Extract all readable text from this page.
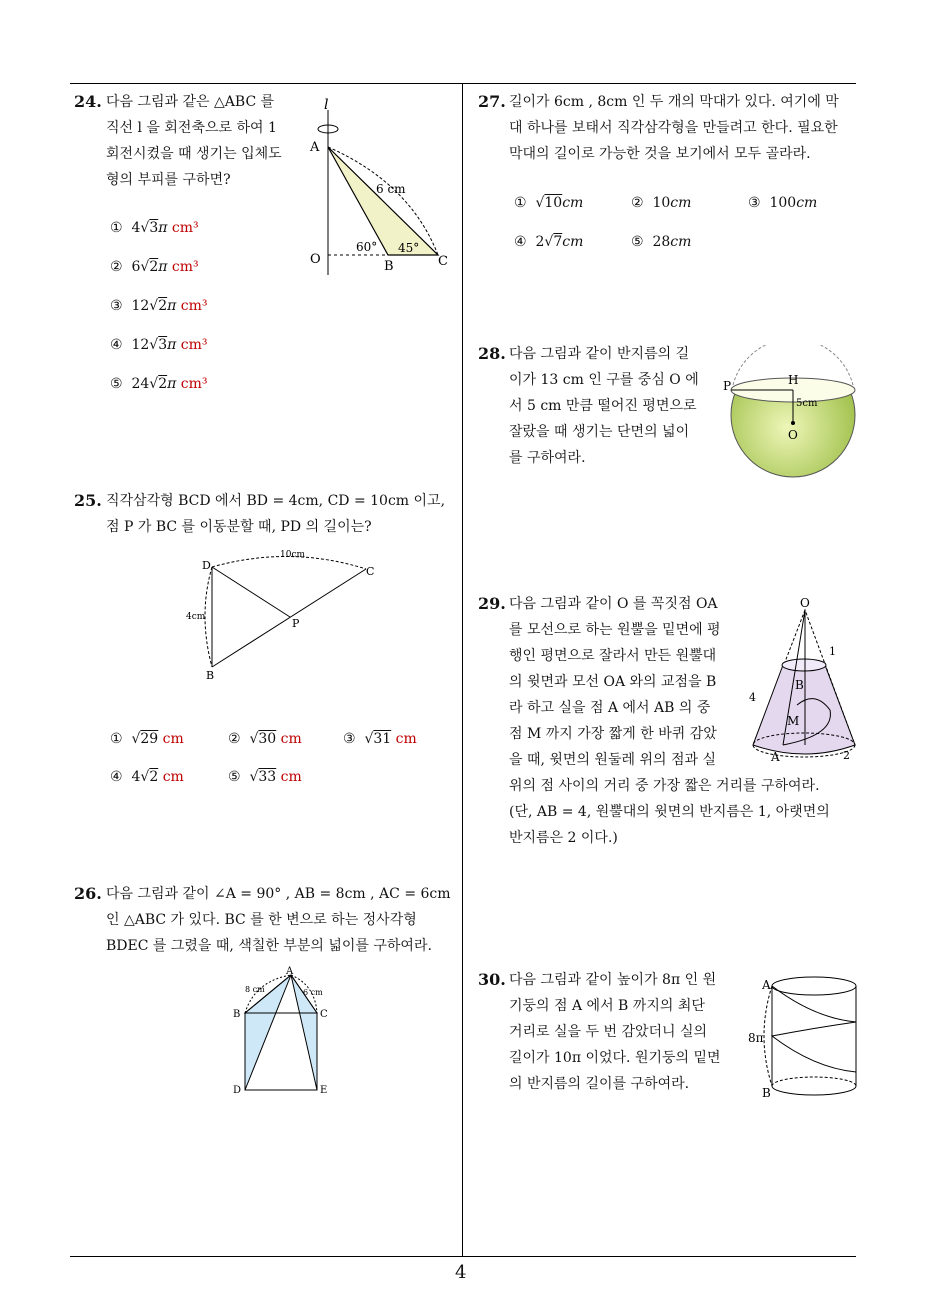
24. 다음 그림과 같은 △ABC 를
직선 l 을 회전축으로 하여 1
회전시켰을 때 생기는 입체도
형의 부피를 구하면?
① 4√3π cm³
② 6√2π cm³
③ 12√2π cm³
④ 12√3π cm³
⑤ 24√2π cm³
l
A
O	B	C
6 cm
60° 45°
25. 직각삼각형 BCD 에서 BD = 4cm, CD = 10cm 이고,
점 P 가 BC 를 이동분할 때, PD 의 길이는?
D	C
B
P
10cm
4cm
① √29 cm	② √30 cm	③ √31 cm
④ 4√2 cm	⑤ √33 cm
26. 다음 그림과 같이 ∠A = 90° , AB = 8cm , AC = 6cm
인 △ABC 가 있다. BC 를 한 변으로 하는 정사각형
BDEC 를 그렸을 때, 색칠한 부분의 넓이를 구하여라.
A
B	C
D	E
8 cm	6 cm
27. 길이가 6cm , 8cm 인 두 개의 막대가 있다. 여기에 막
대 하나를 보태서 직각삼각형을 만들려고 한다. 필요한
막대의 길이로 가능한 것을 보기에서 모두 골라라.
① √10cm	② 10cm	③ 100cm
④ 2√7cm	⑤ 28cm
28. 다음 그림과 같이 반지름의 길
이가 13 cm 인 구를 중심 O 에
서 5 cm 만큼 떨어진 평면으로
잘랐을 때 생기는 단면의 넓이
를 구하여라.
P	H
O
5cm
29. 다음 그림과 같이 O 를 꼭짓점 OA
를 모선으로 하는 원뿔을 밑면에 평
행인 평면으로 잘라서 만든 원뿔대
의 윗면과 모선 OA 와의 교점을 B
라 하고 실을 점 A 에서 AB 의 중
점 M 까지 가장 짧게 한 바퀴 감았
을 때, 윗면의 원둘레 위의 점과 실
위의 점 사이의 거리 중 가장 짧은 거리를 구하여라.
(단, AB = 4, 원뿔대의 윗면의 반지름은 1, 아랫면의
반지름은 2 이다.)
O
B
M
A
1
2
4
30. 다음 그림과 같이 높이가 8π 인 원
기둥의 점 A 에서 B 까지의 최단
거리로 실을 두 번 감았더니 실의
길이가 10π 이었다. 원기둥의 밑면
의 반지름의 길이를 구하여라.
A
B
8π
4
